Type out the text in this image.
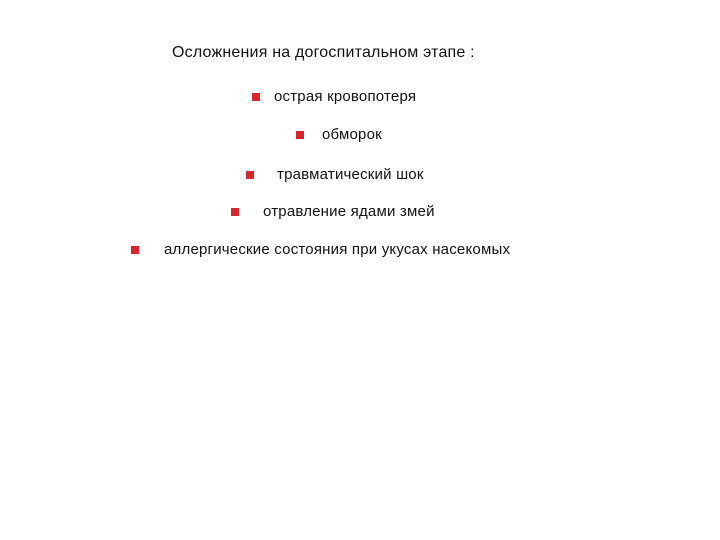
Осложнения на догоспитальном этапе :
острая кровопотеря
обморок
травматический шок
отравление ядами змей
аллергические состояния при укусах насекомых
